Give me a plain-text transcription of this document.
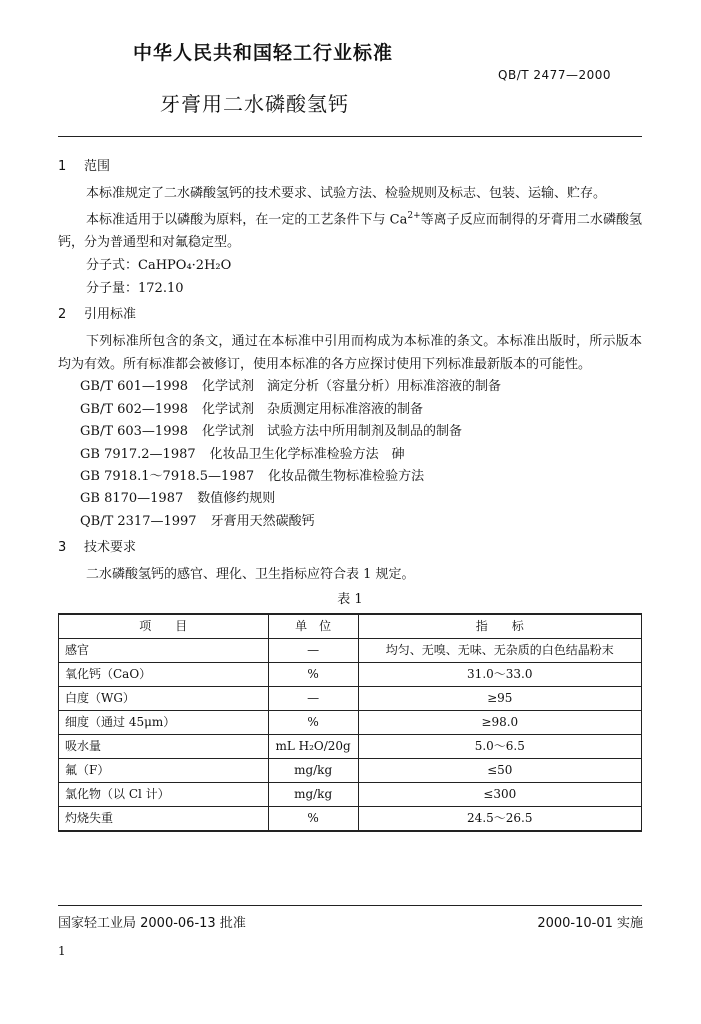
中华人民共和国轻工行业标准
QB/T 2477—2000
牙膏用二水磷酸氢钙
1 范围

本标准规定了二水磷酸氢钙的技术要求、试验方法、检验规则及标志、包装、运输、贮存。

本标准适用于以磷酸为原料，在一定的工艺条件下与 $Ca^{2+}$等离子反应而制得的牙膏用二水磷酸氢钙，分为普通型和对氟稳定型。

分子式：CaHPO₄·2H₂O

分子量：172.10

2 引用标准

下列标准所包含的条文，通过在本标准中引用而构成为本标准的条文。本标准出版时，所示版本均为有效。所有标准都会被修订，使用本标准的各方应探讨使用下列标准最新版本的可能性。

GB/T 601—1998 化学试剂　滴定分析（容量分析）用标准溶液的制备
GB/T 602—1998 化学试剂　杂质测定用标准溶液的制备
GB/T 603—1998 化学试剂　试验方法中所用制剂及制品的制备
GB 7917.2—1987 化妆品卫生化学标准检验方法　砷
GB 7918.1～7918.5—1987 化妆品微生物标准检验方法
GB 8170—1987 数值修约规则
QB/T 2317—1997 牙膏用天然碳酸钙
3 技术要求

二水磷酸氢钙的感官、理化、卫生指标应符合表 1 规定。

表 1
项　　目	单　位	指　　标
感官	—	均匀、无嗅、无味、无杂质的白色结晶粉末
氧化钙（CaO）	%	31.0～33.0
白度（WG）	—	≥95
细度（通过 45μm）	%	≥98.0
吸水量	mL H₂O/20g	5.0～6.5
氟（F）	mg/kg	≤50
氯化物（以 Cl 计）	mg/kg	≤300
灼烧失重	%	24.5～26.5
国家轻工业局 2000-06-13 批准	2000-10-01 实施
1
